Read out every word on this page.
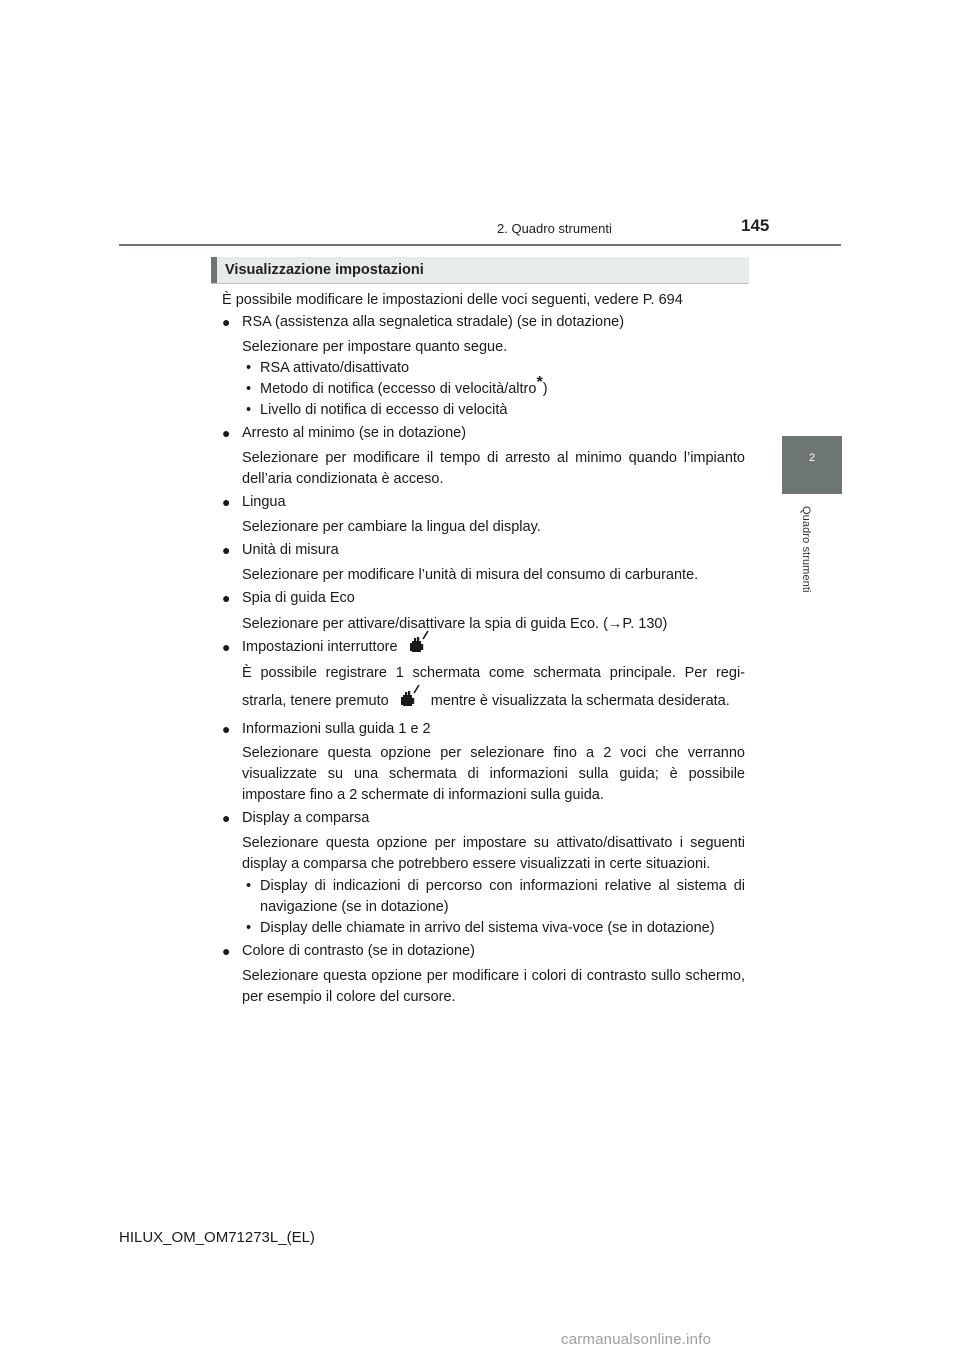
2. Quadro strumenti	145
2
Quadro strumenti
Visualizzazione impostazioni
È possibile modificare le impostazioni delle voci seguenti, vedere P. 694
● RSA (assistenza alla segnaletica stradale) (se in dotazione)
Selezionare per impostare quanto segue.
• RSA attivato/disattivato
• Metodo di notifica (eccesso di velocità/altro*)
• Livello di notifica di eccesso di velocità
● Arresto al minimo (se in dotazione)
Selezionare per modificare il tempo di arresto al minimo quando l’impianto dell’aria condizionata è acceso.
● Lingua
Selezionare per cambiare la lingua del display.
● Unità di misura
Selezionare per modificare l’unità di misura del consumo di carburante.
● Spia di guida Eco
Selezionare per attivare/disattivare la spia di guida Eco. (→P. 130)
● Impostazioni interruttore
È possibile registrare 1 schermata come schermata principale. Per regi-
strarla, tenere premuto	mentre è visualizzata la schermata desiderata.
● Informazioni sulla guida 1 e 2
Selezionare questa opzione per selezionare fino a 2 voci che verranno visualizzate su una schermata di informazioni sulla guida; è possibile impostare fino a 2 schermate di informazioni sulla guida.
● Display a comparsa
Selezionare questa opzione per impostare su attivato/disattivato i seguenti display a comparsa che potrebbero essere visualizzati in certe situazioni.
• Display di indicazioni di percorso con informazioni relative al sistema di navigazione (se in dotazione)
• Display delle chiamate in arrivo del sistema viva-voce (se in dotazione)
● Colore di contrasto (se in dotazione)
Selezionare questa opzione per modificare i colori di contrasto sullo schermo, per esempio il colore del cursore.
HILUX_OM_OM71273L_(EL)
carmanualsonline.info
